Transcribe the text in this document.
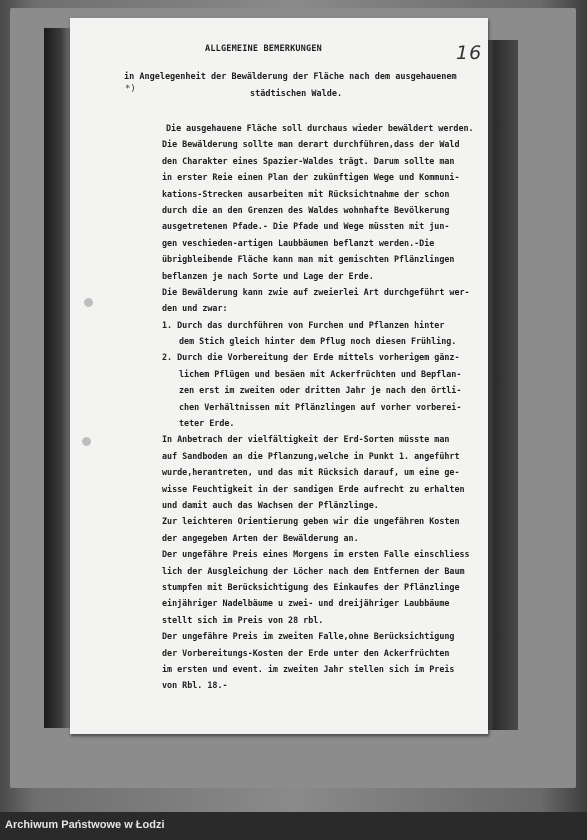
16
ALLGEMEINE BEMERKUNGEN
in Angelegenheit der Bewälderung der Fläche nach dem ausgehauenem
städtischen Walde.
*)
Die ausgehauene Fläche soll durchaus wieder bewäldert werden.
Die Bewälderung sollte man derart durchführen,dass der Wald
den Charakter eines Spazier-Waldes trägt. Darum sollte man
in erster Reie einen Plan der zukünftigen Wege und Kommuni-
kations-Strecken ausarbeiten mit Rücksichtnahme der schon
durch die an den Grenzen des Waldes wohnhafte Bevölkerung
ausgetretenen Pfade.- Die Pfade und Wege müssten mit jun-
gen veschieden-artigen Laubbäumen beflanzt werden.-Die
übrigbleibende Fläche kann man mit gemischten Pflänzlingen
beflanzen je nach Sorte und Lage der Erde.
Die Bewälderung kann zwie auf zweierlei Art durchgeführt wer-
den und zwar:
1. Durch das durchführen von Furchen und Pflanzen hinter
dem Stich gleich hinter dem Pflug noch diesen Frühling.
2. Durch die Vorbereitung der Erde mittels vorherigem gänz-
lichem Pflügen und besäen mit Ackerfrüchten und Bepflan-
zen erst im zweiten oder dritten Jahr je nach den örtli-
chen Verhältnissen mit Pflänzlingen auf vorher vorberei-
teter Erde.
In Anbetrach der vielfältigkeit der Erd-Sorten müsste man
auf Sandboden an die Pflanzung,welche in Punkt 1. angeführt
wurde,herantreten, und das mit Rücksich darauf, um eine ge-
wisse Feuchtigkeit in der sandigen Erde aufrecht zu erhalten
und damit auch das Wachsen der Pflänzlinge.
Zur leichteren Orientierung geben wir die ungefähren Kosten
der angegeben Arten der Bewälderung an.
Der ungefähre Preis eines Morgens im ersten Falle einschliess
lich der Ausgleichung der Löcher nach dem Entfernen der Baum
stumpfen mit Berücksichtigung des Einkaufes der Pflänzlinge
einjähriger Nadelbäume u zwei- und dreijähriger Laubbäume
stellt sich im Preis von 28 rbl.
Der ungefähre Preis im zweiten Falle,ohne Berücksichtigung
der Vorbereitungs-Kosten der Erde unter den Ackerfrüchten
im ersten und event. im zweiten Jahr stellen sich im Preis
von Rbl. 18.-
Archiwum Państwowe w Łodzi
